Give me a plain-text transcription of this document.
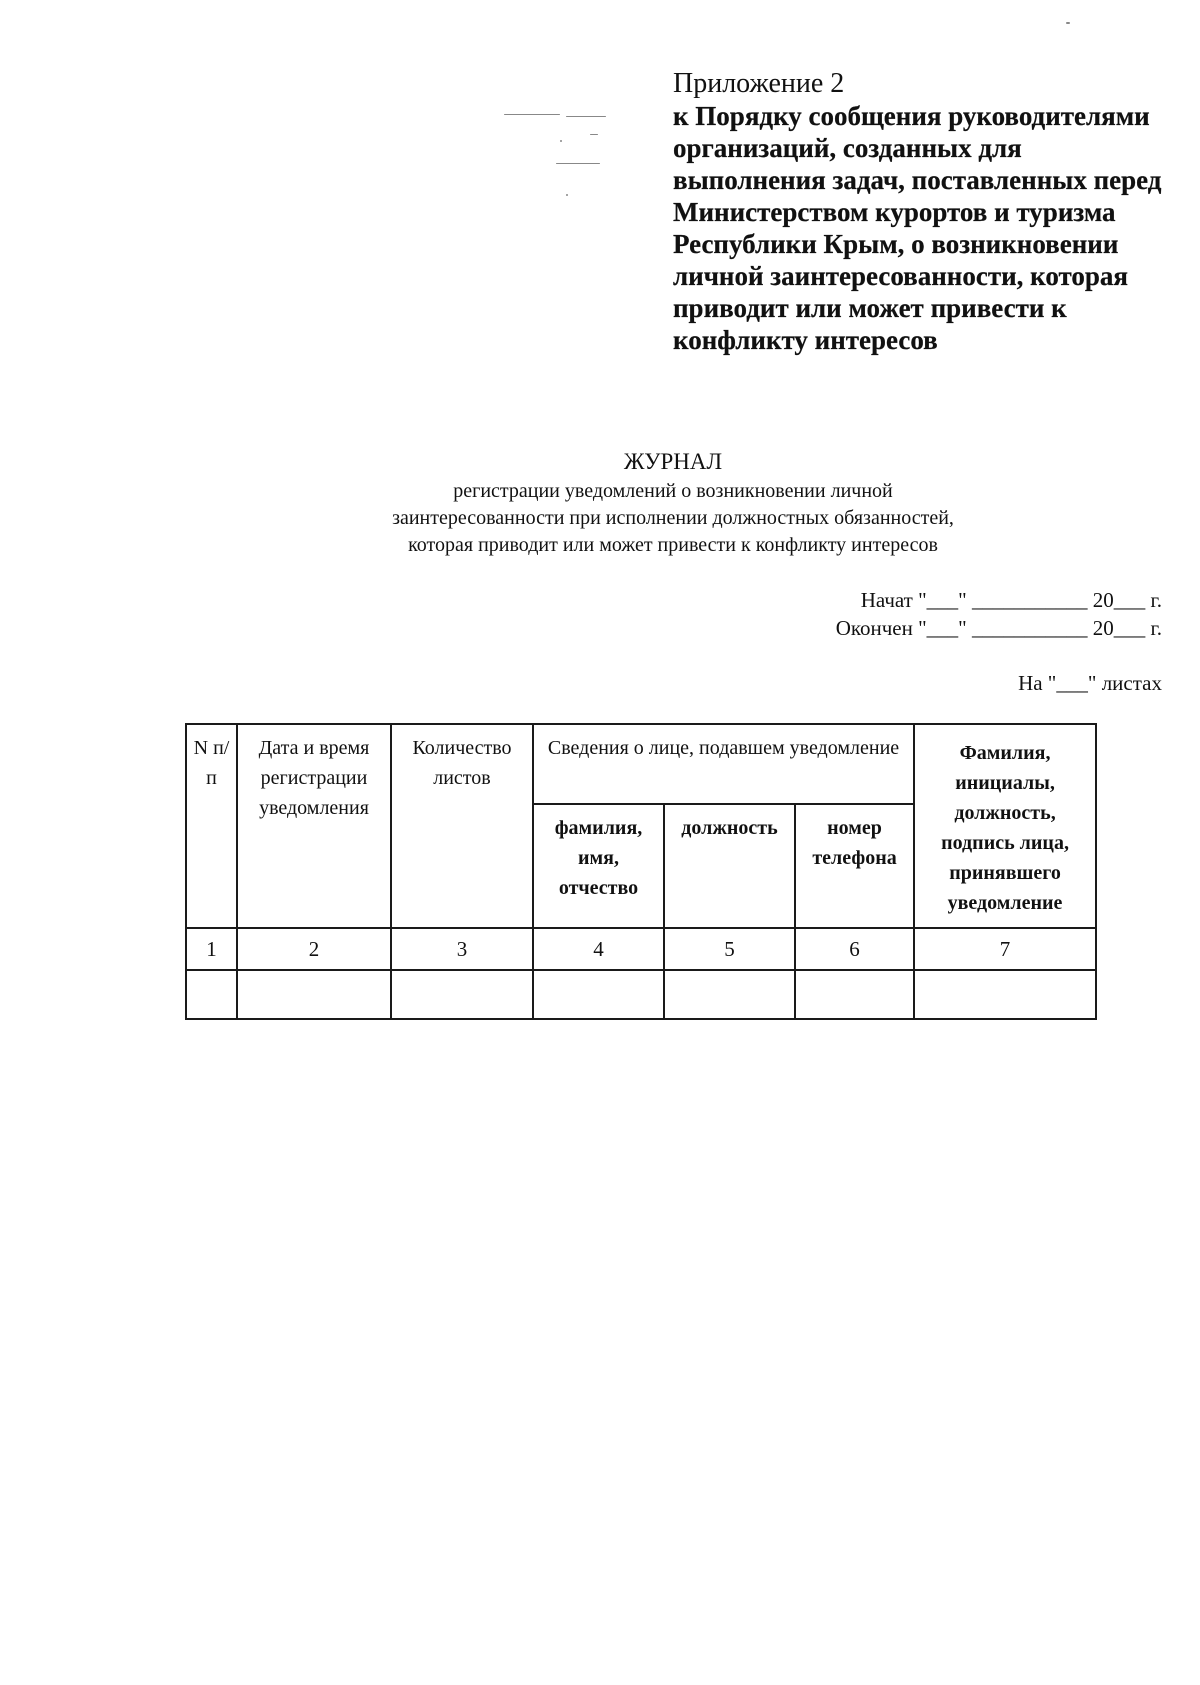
Приложение 2
к Порядку сообщения руководителями организаций, созданных для выполнения задач, поставленных перед Министерством курортов и туризма Республики Крым, о возникновении личной заинтересованности, которая приводит или может привести к конфликту интересов
ЖУРНАЛ
регистрации уведомлений о возникновении личной
заинтересованности при исполнении должностных обязанностей,
которая приводит или может привести к конфликту интересов
Начат "___" ___________ 20___ г.
Окончен "___" ___________ 20___ г.
На "___" листах
N п/п	Дата и время регистрации уведомления	Количество листов	Сведения о лице, подавшем уведомление			Фамилия, инициалы, должность, подпись лица, принявшего уведомление
			фамилия, имя, отчество	должность	номер телефона	
1	2	3	4	5	6	7
